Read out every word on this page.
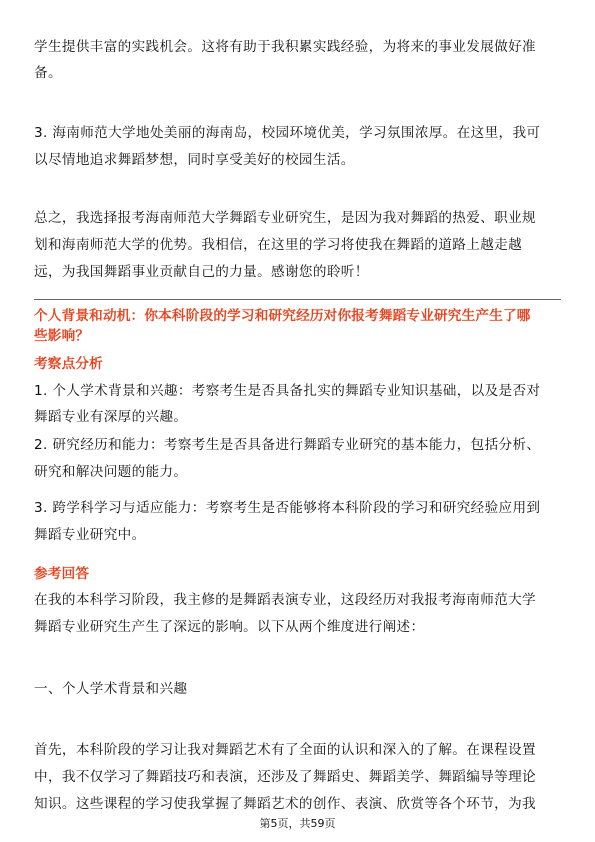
学生提供丰富的实践机会。这将有助于我积累实践经验，为将来的事业发展做好准
备。
3. 海南师范大学地处美丽的海南岛，校园环境优美，学习氛围浓厚。在这里，我可
以尽情地追求舞蹈梦想，同时享受美好的校园生活。
总之，我选择报考海南师范大学舞蹈专业研究生，是因为我对舞蹈的热爱、职业规
划和海南师范大学的优势。我相信，在这里的学习将使我在舞蹈的道路上越走越
远，为我国舞蹈事业贡献自己的力量。感谢您的聆听！
个人背景和动机：你本科阶段的学习和研究经历对你报考舞蹈专业研究生产生了哪
些影响？
考察点分析
1. 个人学术背景和兴趣：考察考生是否具备扎实的舞蹈专业知识基础，以及是否对
舞蹈专业有深厚的兴趣。
2. 研究经历和能力：考察考生是否具备进行舞蹈专业研究的基本能力，包括分析、
研究和解决问题的能力。
3. 跨学科学习与适应能力：考察考生是否能够将本科阶段的学习和研究经验应用到
舞蹈专业研究中。
参考回答
在我的本科学习阶段，我主修的是舞蹈表演专业，这段经历对我报考海南师范大学
舞蹈专业研究生产生了深远的影响。以下从两个维度进行阐述：
一、个人学术背景和兴趣
首先，本科阶段的学习让我对舞蹈艺术有了全面的认识和深入的了解。在课程设置
中，我不仅学习了舞蹈技巧和表演，还涉及了舞蹈史、舞蹈美学、舞蹈编导等理论
知识。这些课程的学习使我掌握了舞蹈艺术的创作、表演、欣赏等各个环节，为我
第5页，共59页
